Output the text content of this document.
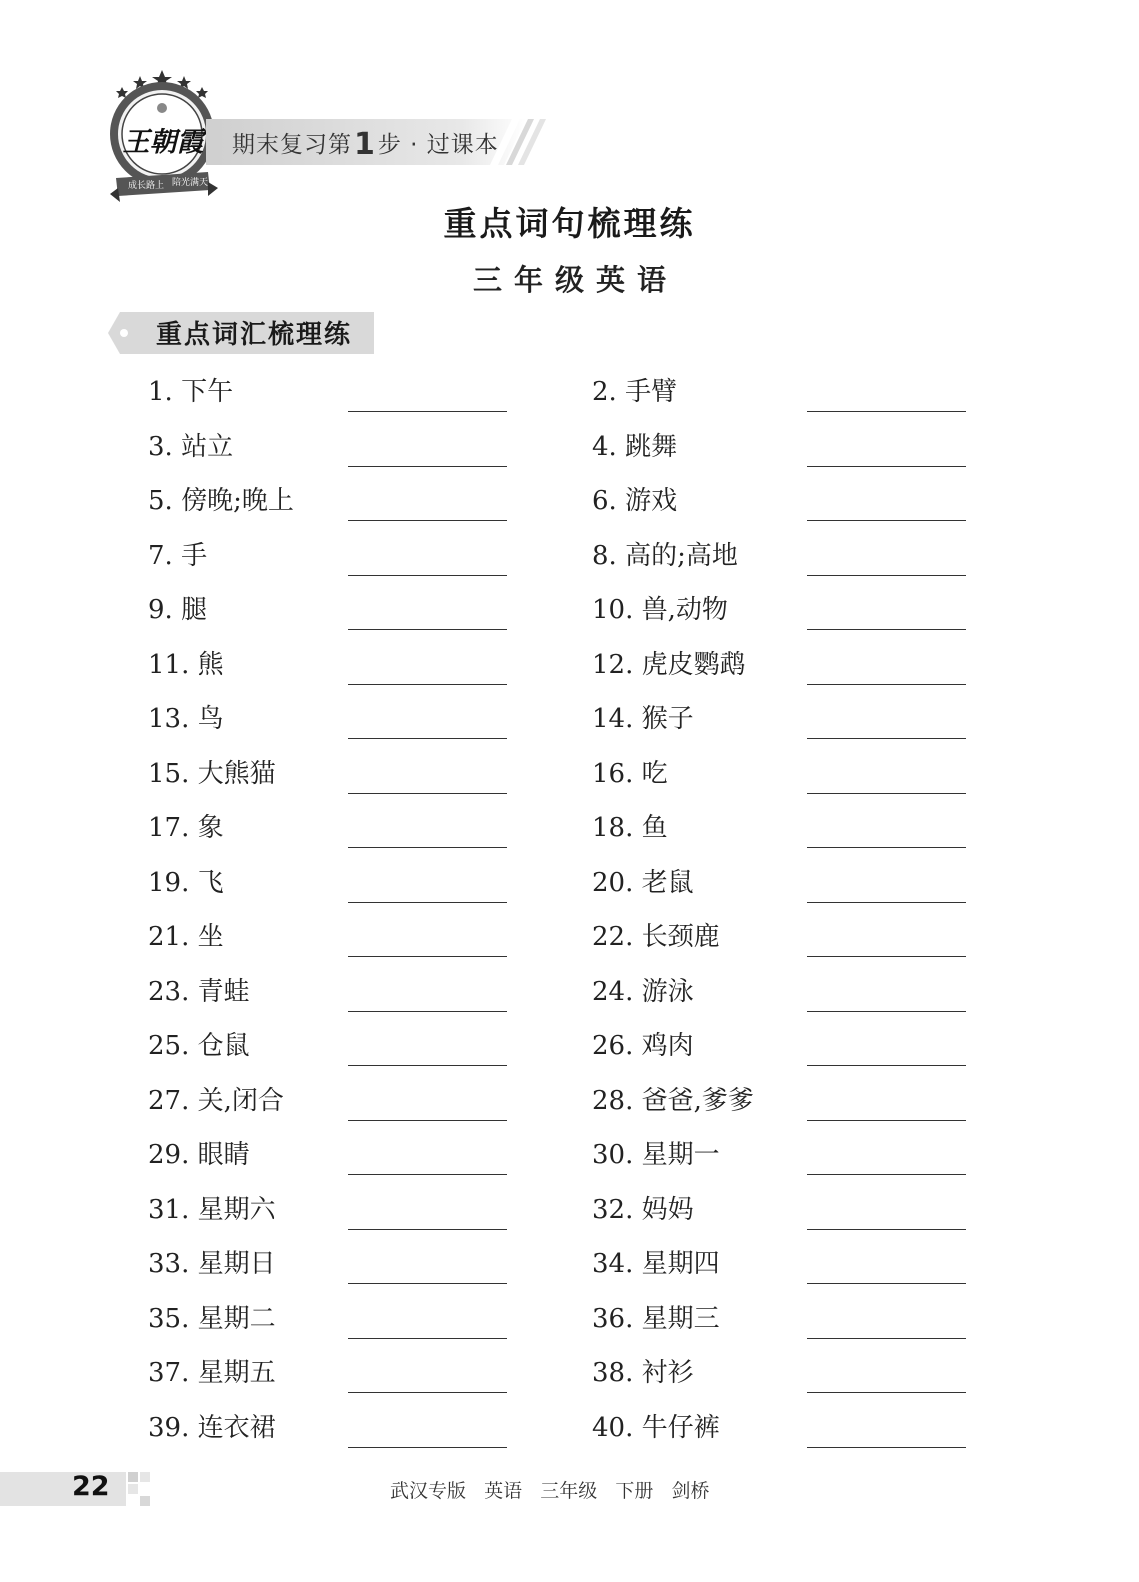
王朝霞
成长路上 陪光满天
期末复习第1步 · 过课本
重点词句梳理练
三年级英语
重点词汇梳理练
1. 下午	2. 手臂
3. 站立	4. 跳舞
5. 傍晚;晚上	6. 游戏
7. 手	8. 高的;高地
9. 腿	10. 兽,动物
11. 熊	12. 虎皮鹦鹉
13. 鸟	14. 猴子
15. 大熊猫	16. 吃
17. 象	18. 鱼
19. 飞	20. 老鼠
21. 坐	22. 长颈鹿
23. 青蛙	24. 游泳
25. 仓鼠	26. 鸡肉
27. 关,闭合	28. 爸爸,爹爹
29. 眼睛	30. 星期一
31. 星期六	32. 妈妈
33. 星期日	34. 星期四
35. 星期二	36. 星期三
37. 星期五	38. 衬衫
39. 连衣裙	40. 牛仔裤
22	武汉专版   英语   三年级   下册   剑桥
